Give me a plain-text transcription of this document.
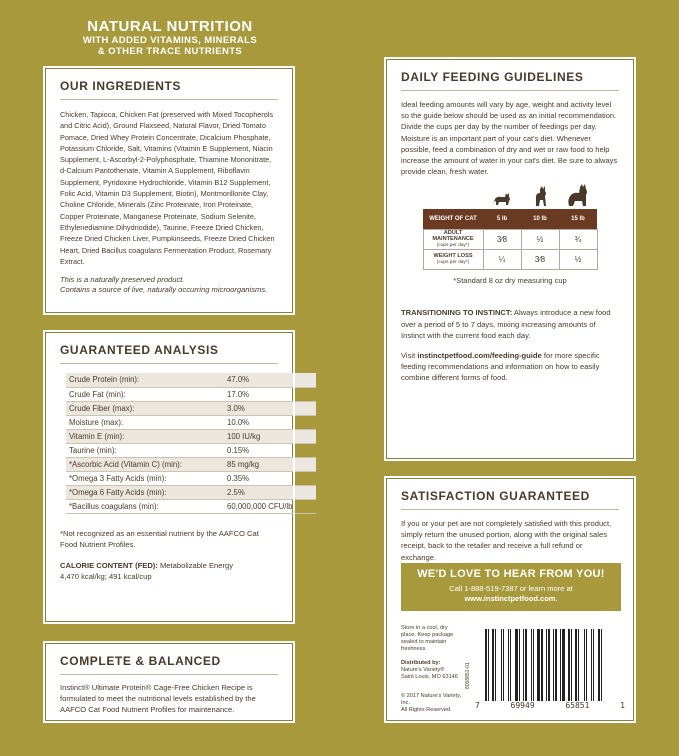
NATURAL NUTRITION
WITH ADDED VITAMINS, MINERALS
& OTHER TRACE NUTRIENTS
OUR INGREDIENTS
Chicken, Tapioca, Chicken Fat (preserved with Mixed Tocopherols and Citric Acid), Ground Flaxseed, Natural Flavor, Dried Tomato Pomace, Dried Whey Protein Concentrate, Dicalcium Phosphate, Potassium Chloride, Salt, Vitamins (Vitamin E Supplement, Niacin Supplement, L-Ascorbyl-2-Polyphosphate, Thiamine Mononitrate, d-Calcium Pantothenate, Vitamin A Supplement, Riboflavin Supplement, Pyridoxine Hydrochloride, Vitamin B12 Supplement, Folic Acid, Vitamin D3 Supplement, Biotin), Montmorillonite Clay, Choline Chloride, Minerals (Zinc Proteinate, Iron Proteinate, Copper Proteinate, Manganese Proteinate, Sodium Selenite, Ethylenediamine Dihydriodide), Taurine, Freeze Dried Chicken, Freeze Dried Chicken Liver, Pumpkinseeds, Freeze Dried Chicken Heart, Dried Bacillus coagulans Fermentation Product, Rosemary Extract.
This is a naturally preserved product.
Contains a source of live, naturally occurring microorganisms.
GUARANTEED ANALYSIS
Crude Protein (min):	47.0%
Crude Fat (min):	17.0%
Crude Fiber (max):	3.0%
Moisture (max):	10.0%
Vitamin E (min):	100 IU/kg
Taurine (min):	0.15%
*Ascorbic Acid (Vitamin C) (min):	85 mg/kg
*Omega 3 Fatty Acids (min):	0.35%
*Omega 6 Fatty Acids (min):	2.5%
*Bacillus coagulans (min):	60,000,000 CFU/lb
*Not recognized as an essential nutrient by the AAFCO Cat Food Nutrient Profiles.
CALORIE CONTENT (FED): Metabolizable Energy
4,470 kcal/kg; 491 kcal/cup
COMPLETE & BALANCED
Instinct® Ultimate Protein® Cage-Free Chicken Recipe is formulated to meet the nutritional levels established by the AAFCO Cat Food Nutrient Profiles for maintenance.
DAILY FEEDING GUIDELINES
Ideal feeding amounts will vary by age, weight and activity level so the guide below should be used as an initial recommendation. Divide the cups per day by the number of feedings per day. Moisture is an important part of your cat's diet. Whenever possible, feed a combination of dry and wet or raw food to help increase the amount of water in your cat's diet. Be sure to always provide clean, fresh water.
WEIGHT OF CAT	5 lb	10 lb	15 lb
ADULT MAINTENANCE
(cups per day*)	3⁄8	½	¾
WEIGHT LOSS
(cups per day*)	¼	3⁄8	½
*Standard 8 oz dry measuring cup
TRANSITIONING TO INSTINCT: Always introduce a new food over a period of 5 to 7 days, mixing increasing amounts of Instinct with the current food each day.
Visit instinctpetfood.com/feeding-guide for more specific feeding recommendations and information on how to easily combine different forms of food.
SATISFACTION GUARANTEED
If you or your pet are not completely satisfied with this product, simply return the unused portion, along with the original sales receipt, back to the retailer and receive a full refund or exchange.
WE'D LOVE TO HEAR FROM YOU!
Call 1-888-519-7387 or learn more at
www.instinctpetfood.com.
Store in a cool, dry place. Keep package sealed to maintain freshness.
Distributed by:
Nature's Variety®
Saint Louis, MO 63146
© 2017 Nature's Variety, Inc.
All Rights Reserved.
8058851-01
7	69949	65851	1
